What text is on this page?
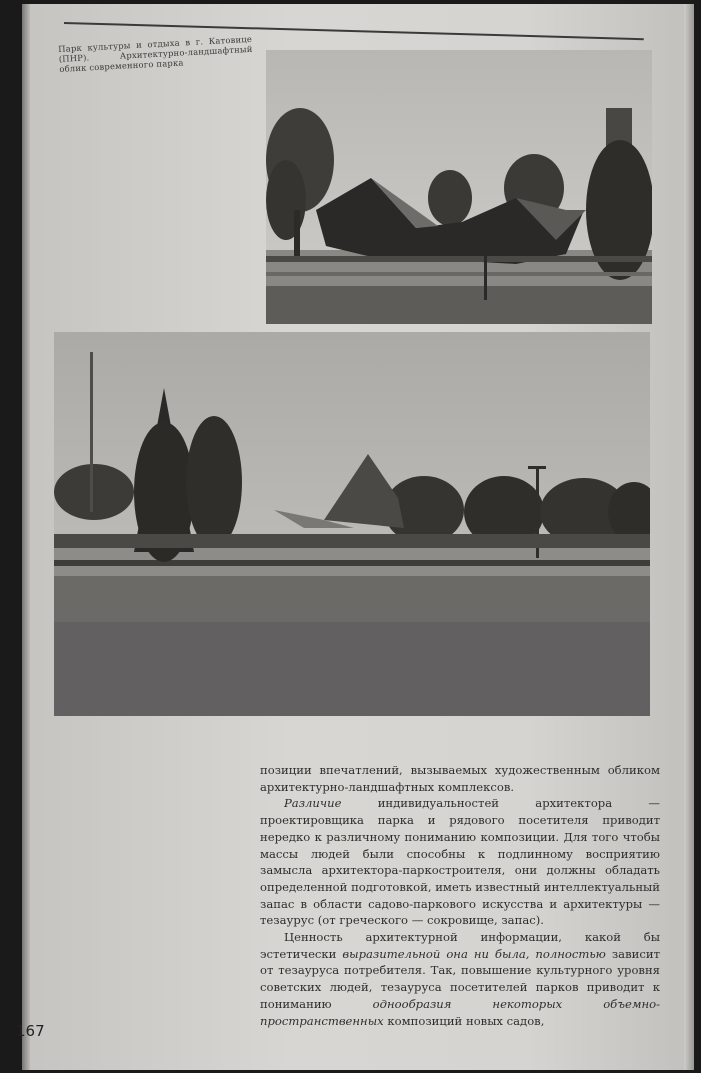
Парк культуры и отдыха в г. Катовице (ПНР). Архитектурно-ландшафтный облик современного парка

позиции впечатлений, вызываемых художественным обликом архитектурно-ландшафтных комплексов.

Различие индивидуальностей архитектора — проектировщика парка и рядового посетителя приводит нередко к различному пониманию композиции. Для того чтобы массы людей были способны к подлинному восприятию замысла архитектора-паркостроителя, они должны обладать определенной подготовкой, иметь известный интеллектуальный запас в области садово-паркового искусства и архитектуры — тезаурус (от греческого — сокровище, запас).

Ценность архитектурной информации, какой бы эстетически выразительной она ни была, полностью зависит от тезауруса потребителя. Так, повышение культурного уровня советских людей, тезауруса посетителей парков приводит к пониманию однообразия некоторых объемно-пространственных композиций новых садов,

167
